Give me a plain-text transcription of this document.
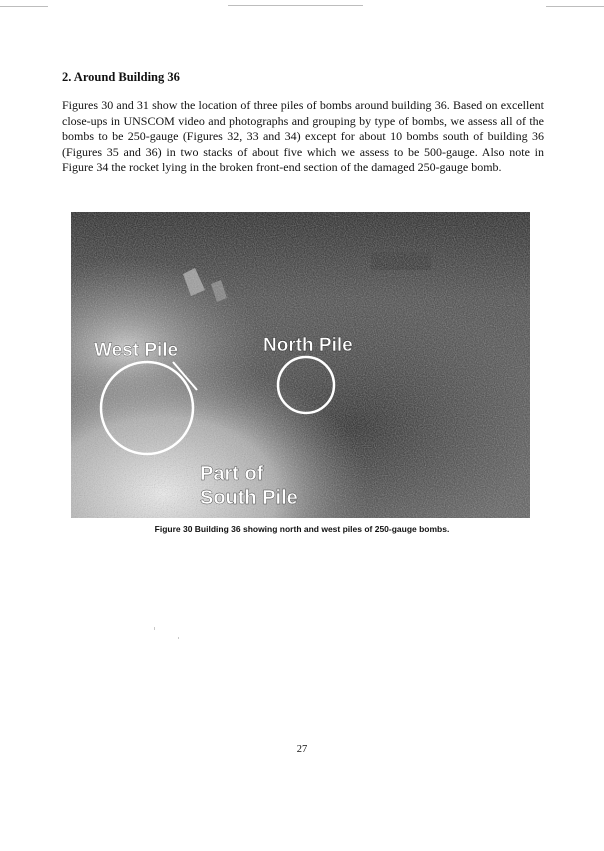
2. Around Building 36

Figures 30 and 31 show the location of three piles of bombs around building 36. Based on excellent close-ups in UNSCOM video and photographs and grouping by type of bombs, we assess all of the bombs to be 250-gauge (Figures 32, 33 and 34) except for about 10 bombs south of building 36 (Figures 35 and 36) in two stacks of about five which we assess to be 500-gauge. Also note in Figure 34 the rocket lying in the broken front-end section of the damaged 250-gauge bomb.

West Pile	North Pile
Part of
South Pile
Figure 30 Building 36 showing north and west piles of 250-gauge bombs.
27
